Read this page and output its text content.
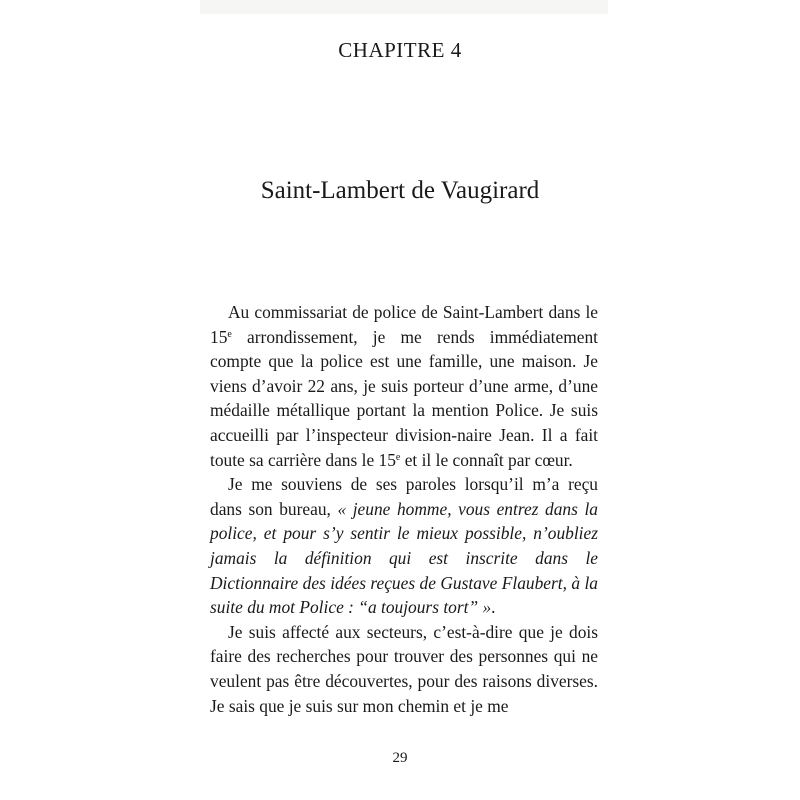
CHAPITRE 4
Saint-Lambert de Vaugirard

Au commissariat de police de Saint-Lambert dans le 15e arrondissement, je me rends immédiatement compte que la police est une famille, une maison. Je viens d’avoir 22 ans, je suis porteur d’une arme, d’une médaille métallique portant la mention Police. Je suis accueilli par l’inspecteur division-naire Jean. Il a fait toute sa carrière dans le 15e et il le connaît par cœur.

Je me souviens de ses paroles lorsqu’il m’a reçu dans son bureau, « jeune homme, vous entrez dans la police, et pour s’y sentir le mieux possible, n’oubliez jamais la définition qui est inscrite dans le Dictionnaire des idées reçues de Gustave Flaubert, à la suite du mot Police : “a toujours tort” ».

Je suis affecté aux secteurs, c’est-à-dire que je dois faire des recherches pour trouver des personnes qui ne veulent pas être découvertes, pour des raisons diverses. Je sais que je suis sur mon chemin et je me

29
